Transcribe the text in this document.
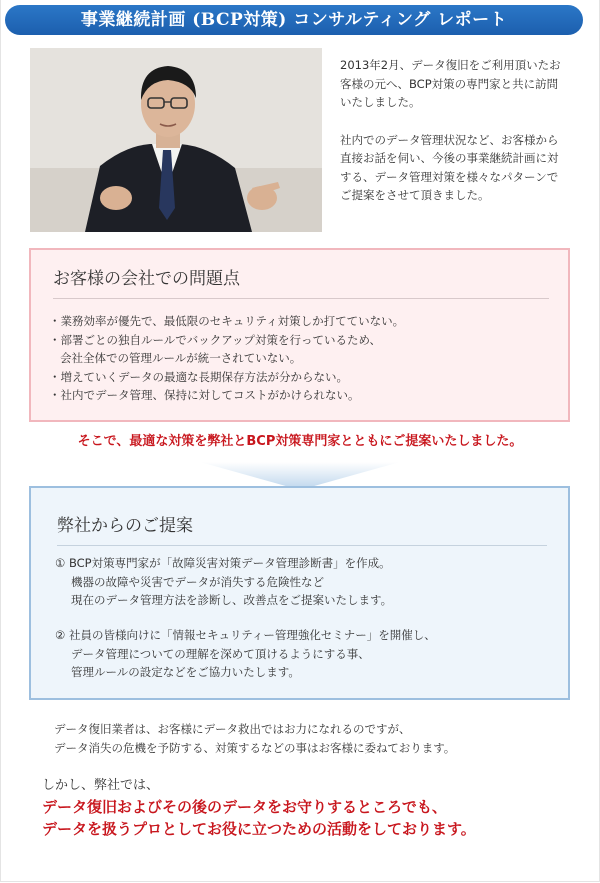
事業継続計画 (BCP対策) コンサルティング レポート

2013年2月、データ復旧をご利用頂いたお客様の元へ、BCP対策の専門家と共に訪問いたしました。

社内でのデータ管理状況など、お客様から直接お話を伺い、今後の事業継続計画に対する、データ管理対策を様々なパターンでご提案をさせて頂きました。

お客様の会社での問題点
・業務効率が優先で、最低限のセキュリティ対策しか打てていない。
・部署ごとの独自ルールでバックアップ対策を行っているため、
会社全体での管理ルールが統一されていない。
・増えていくデータの最適な長期保存方法が分からない。
・社内でデータ管理、保持に対してコストがかけられない。
そこで、最適な対策を弊社とBCP対策専門家とともにご提案いたしました。
弊社からのご提案
① BCP対策専門家が「故障災害対策データ管理診断書」を作成。
機器の故障や災害でデータが消失する危険性など
現在のデータ管理方法を診断し、改善点をご提案いたします。
② 社員の皆様向けに「情報セキュリティー管理強化セミナー」を開催し、
データ管理についての理解を深めて頂けるようにする事、
管理ルールの設定などをご協力いたします。
データ復旧業者は、お客様にデータ救出ではお力になれるのですが、
データ消失の危機を予防する、対策するなどの事はお客様に委ねております。
しかし、弊社では、
データ復旧およびその後のデータをお守りするところでも、
データを扱うプロとしてお役に立つための活動をしております。
